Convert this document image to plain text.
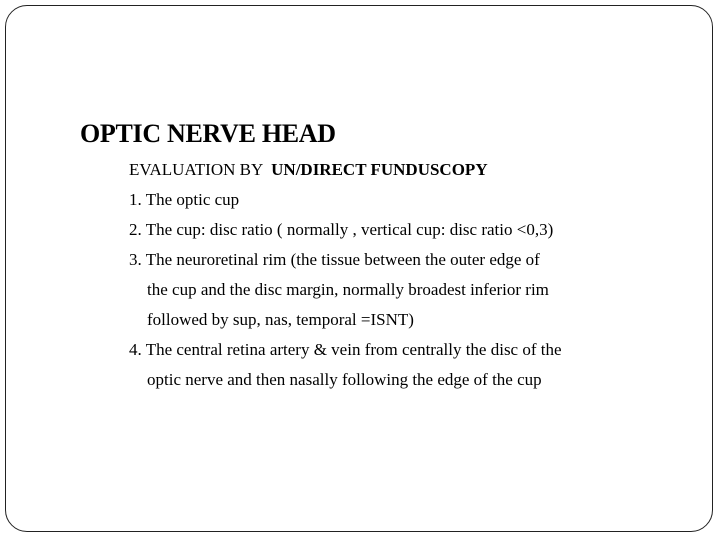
OPTIC NERVE HEAD
EVALUATION BY  UN/DIRECT FUNDUSCOPY
1. The optic cup
2. The cup: disc ratio ( normally , vertical cup: disc ratio <0,3)
3. The neuroretinal rim (the tissue between the outer edge of
the cup and the disc margin, normally broadest inferior rim
followed by sup, nas, temporal =ISNT)
4. The central retina artery & vein from centrally the disc of the
optic nerve and then nasally following the edge of the cup
